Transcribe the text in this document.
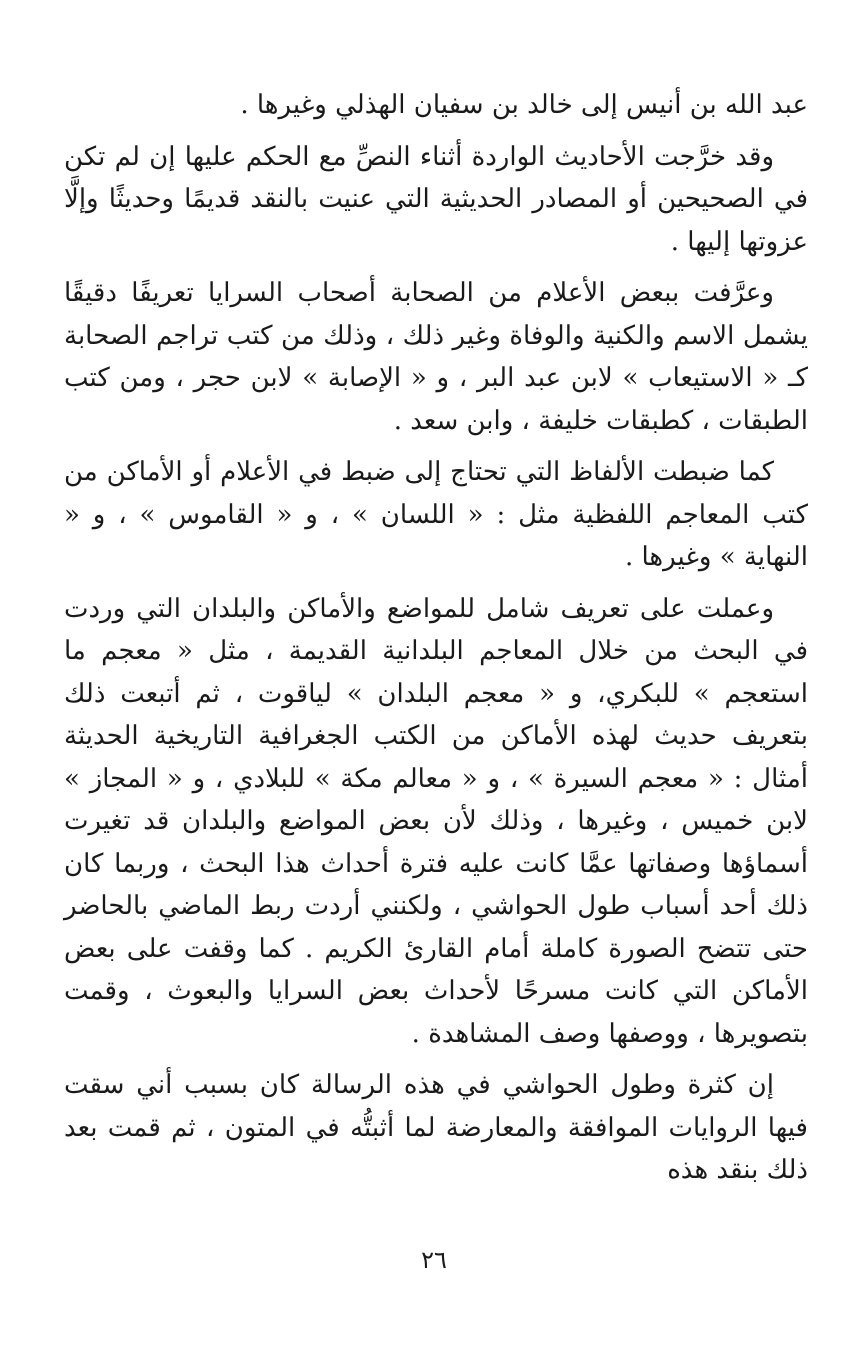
عبد الله بن أنيس إلى خالد بن سفيان الهذلي وغيرها .

وقد خرَّجت الأحاديث الواردة أثناء النصِّ مع الحكم عليها إن لم تكن في الصحيحين أو المصادر الحديثية التي عنيت بالنقد قديمًا وحديثًا وإلَّا عزوتها إليها .

وعرَّفت ببعض الأعلام من الصحابة أصحاب السرايا تعريفًا دقيقًا يشمل الاسم والكنية والوفاة وغير ذلك ، وذلك من كتب تراجم الصحابة كـ « الاستيعاب » لابن عبد البر ، و « الإصابة » لابن حجر ، ومن كتب الطبقات ، كطبقات خليفة ، وابن سعد .

كما ضبطت الألفاظ التي تحتاج إلى ضبط في الأعلام أو الأماكن من كتب المعاجم اللفظية مثل : « اللسان » ، و « القاموس » ، و « النهاية » وغيرها .

وعملت على تعريف شامل للمواضع والأماكن والبلدان التي وردت في البحث من خلال المعاجم البلدانية القديمة ، مثل « معجم ما استعجم » للبكري، و « معجم البلدان » لياقوت ، ثم أتبعت ذلك بتعريف حديث لهذه الأماكن من الكتب الجغرافية التاريخية الحديثة أمثال : « معجم السيرة » ، و « معالم مكة » للبلادي ، و « المجاز » لابن خميس ، وغيرها ، وذلك لأن بعض المواضع والبلدان قد تغيرت أسماؤها وصفاتها عمَّا كانت عليه فترة أحداث هذا البحث ، وربما كان ذلك أحد أسباب طول الحواشي ، ولكنني أردت ربط الماضي بالحاضر حتى تتضح الصورة كاملة أمام القارئ الكريم . كما وقفت على بعض الأماكن التي كانت مسرحًا لأحداث بعض السرايا والبعوث ، وقمت بتصويرها ، ووصفها وصف المشاهدة .

إن كثرة وطول الحواشي في هذه الرسالة كان بسبب أني سقت فيها الروايات الموافقة والمعارضة لما أثبتُّه في المتون ، ثم قمت بعد ذلك بنقد هذه

٢٦
